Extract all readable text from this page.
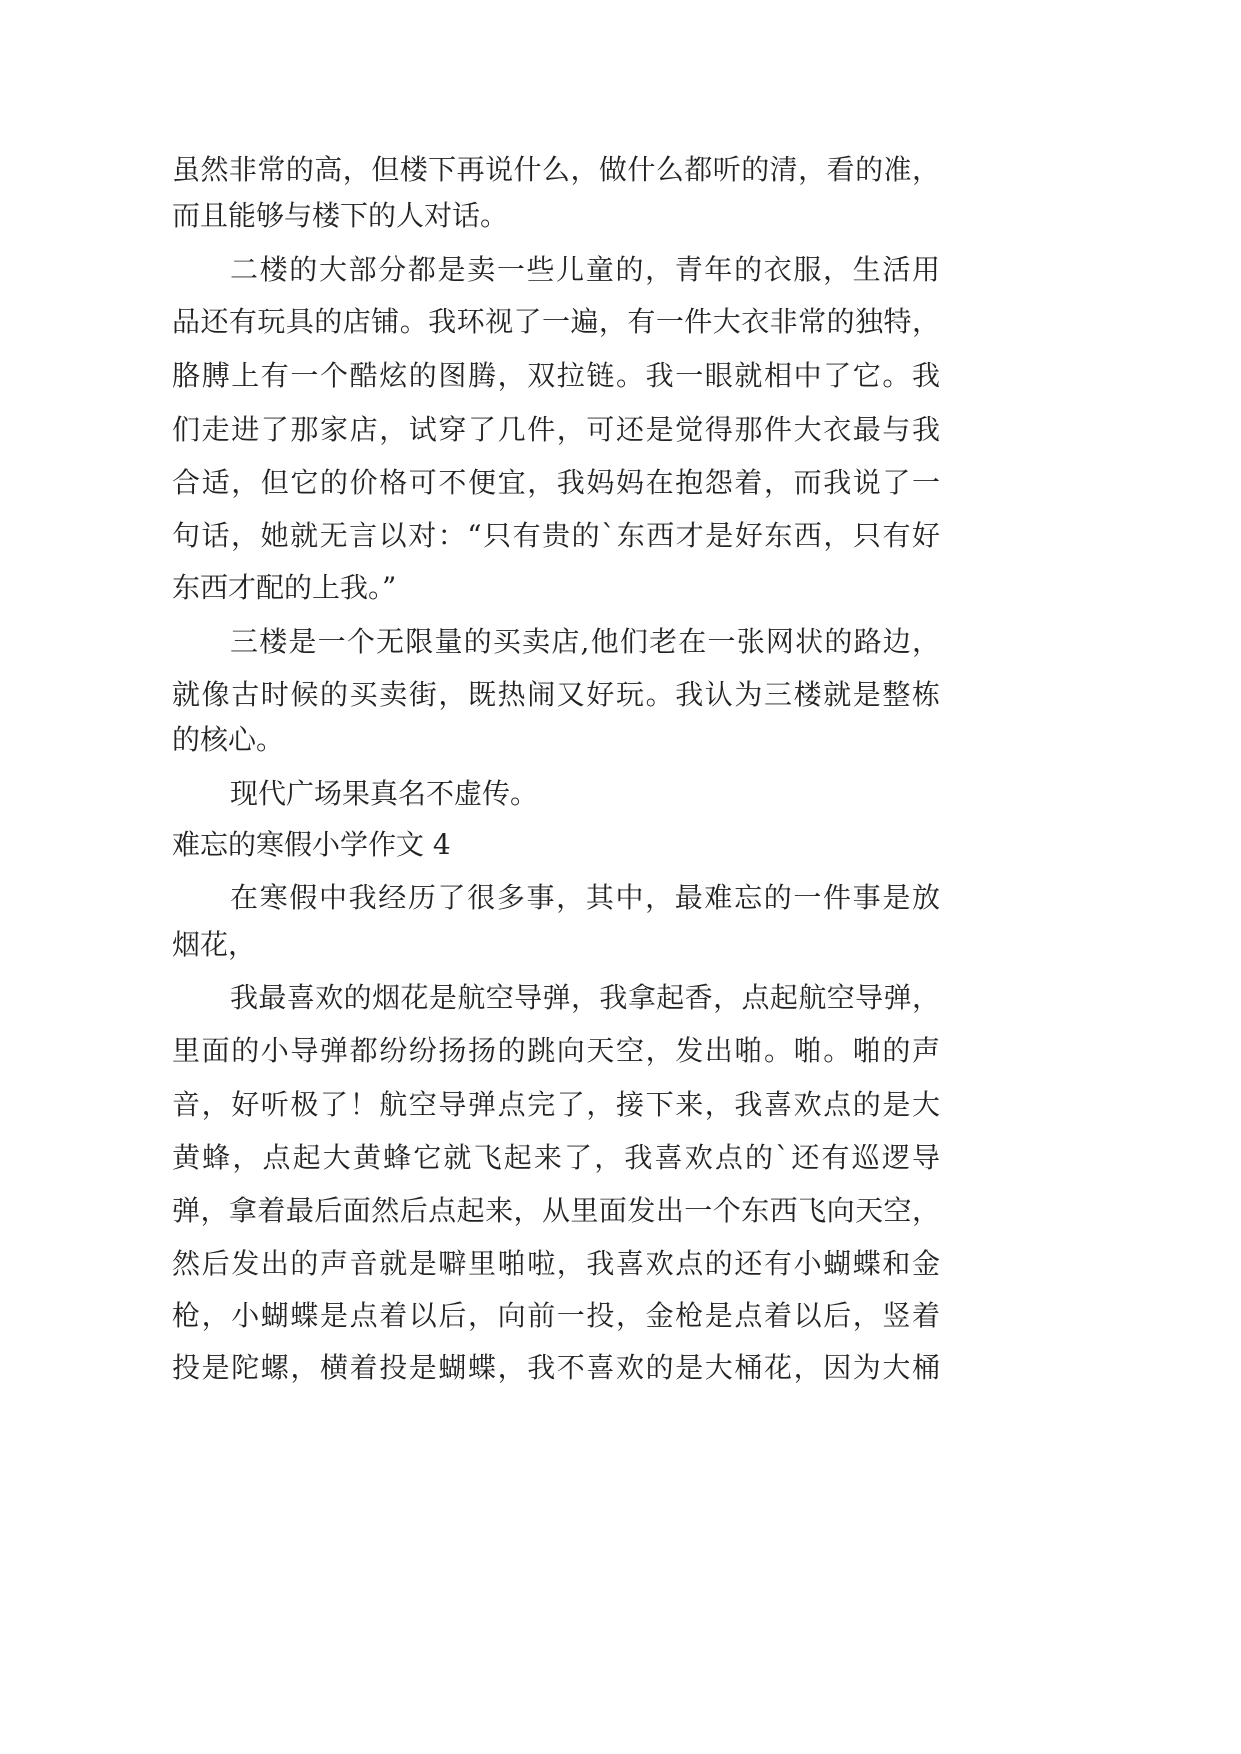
虽然非常的高，但楼下再说什么，做什么都听的清，看的准，
而且能够与楼下的人对话。
二楼的大部分都是卖一些儿童的，青年的衣服，生活用
品还有玩具的店铺。我环视了一遍，有一件大衣非常的独特，
胳膊上有一个酷炫的图腾，双拉链。我一眼就相中了它。我
们走进了那家店，试穿了几件，可还是觉得那件大衣最与我
合适，但它的价格可不便宜，我妈妈在抱怨着，而我说了一
句话，她就无言以对：“只有贵的`东西才是好东西，只有好
东西才配的上我。”
三楼是一个无限量的买卖店,他们老在一张网状的路边，
就像古时候的买卖街，既热闹又好玩。我认为三楼就是整栋
的核心。
现代广场果真名不虚传。
难忘的寒假小学作文 4
在寒假中我经历了很多事，其中，最难忘的一件事是放
烟花，
我最喜欢的烟花是航空导弹，我拿起香，点起航空导弹，
里面的小导弹都纷纷扬扬的跳向天空，发出啪。啪。啪的声
音，好听极了！航空导弹点完了，接下来，我喜欢点的是大
黄蜂，点起大黄蜂它就飞起来了，我喜欢点的`还有巡逻导
弹，拿着最后面然后点起来，从里面发出一个东西飞向天空，
然后发出的声音就是噼里啪啦，我喜欢点的还有小蝴蝶和金
枪，小蝴蝶是点着以后，向前一投，金枪是点着以后，竖着
投是陀螺，横着投是蝴蝶，我不喜欢的是大桶花，因为大桶
